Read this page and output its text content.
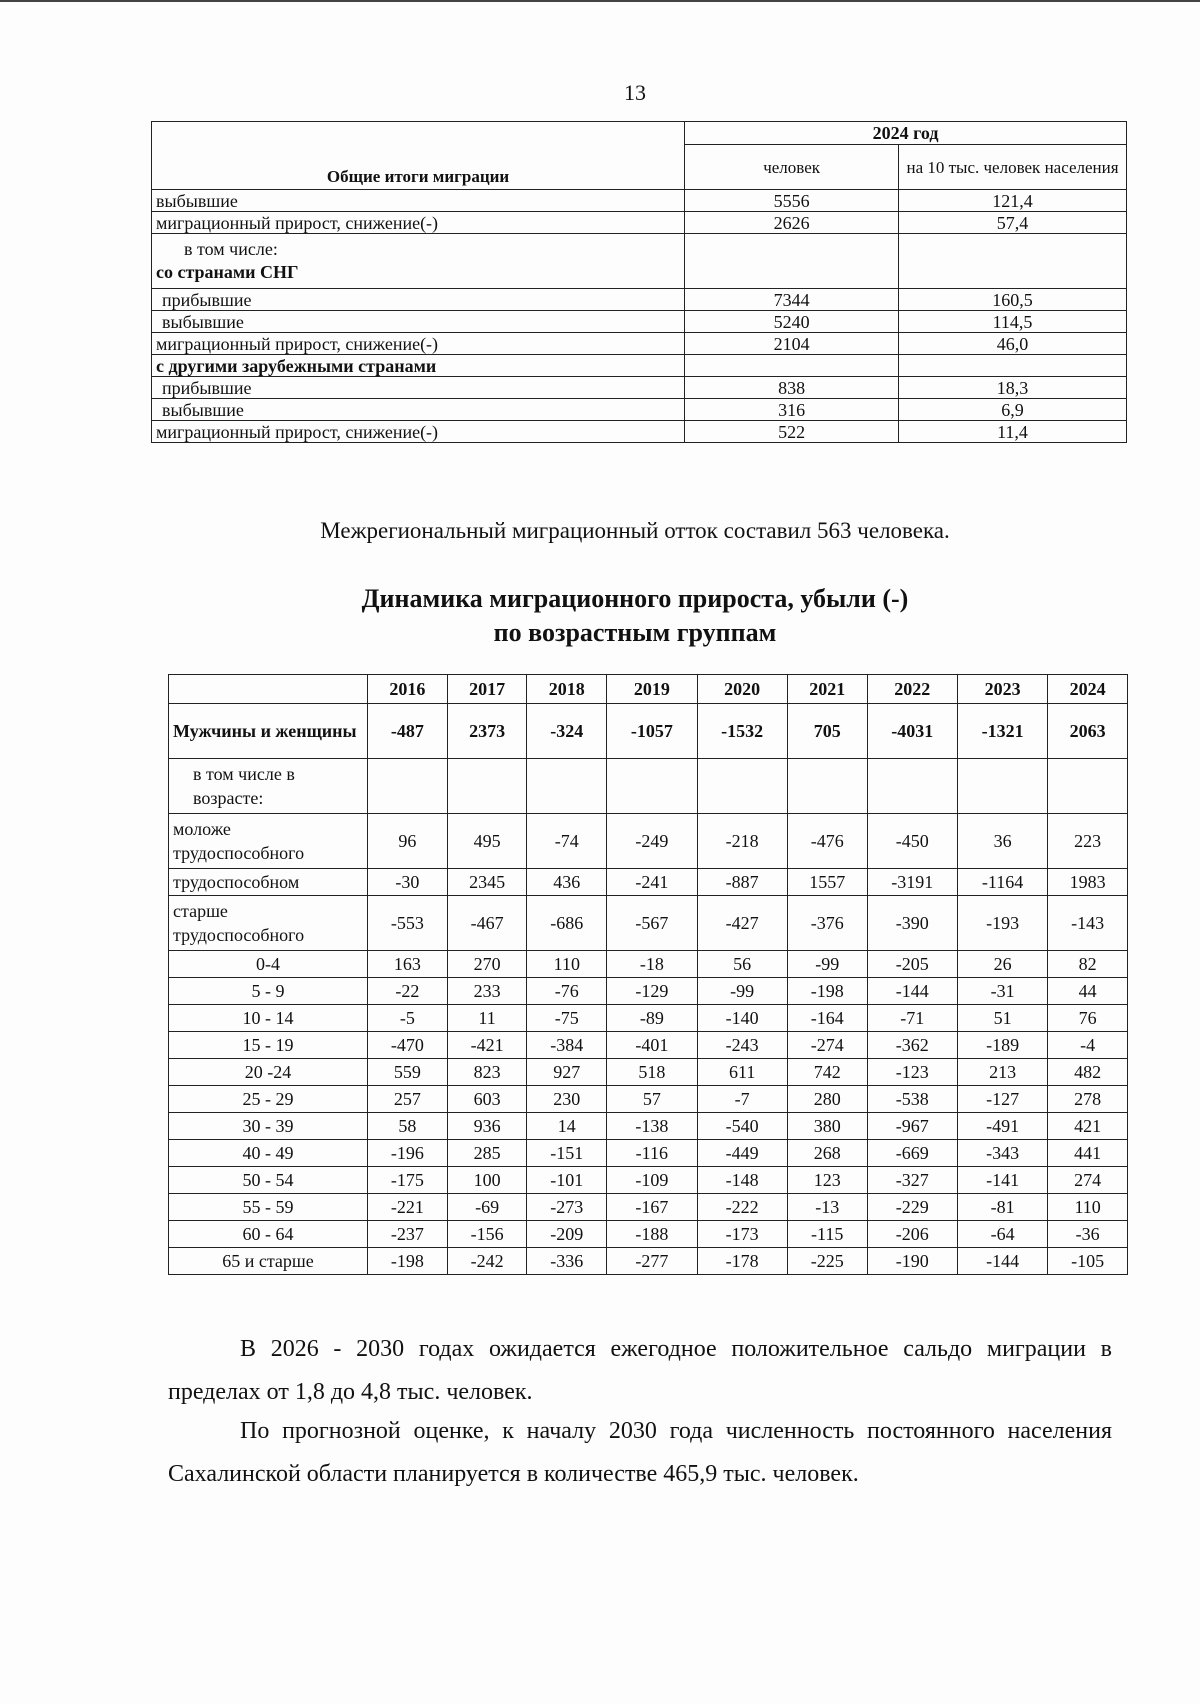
13
Общие итоги миграции	2024 год	
	человек	на 10 тыс. человек населения
выбывшие	5556	121,4
миграционный прирост, снижение(-)	2626	57,4

в том числе:
со странами СНГ		

прибывшие	7344	160,5
выбывшие	5240	114,5
миграционный прирост, снижение(-)	2104	46,0
с другими зарубежными странами		
прибывшие	838	18,3
выбывшие	316	6,9
миграционный прирост, снижение(-)	522	11,4
Межрегиональный миграционный отток составил 563 человека.
Динамика миграционного прироста, убыли (-)
по возрастным группам
	2016	2017	2018	2019	2020	2021	2022	2023	2024
Мужчины и женщины	-487	2373	-324	-1057	-1532	705	-4031	-1321	2063
в том числе в возрасте:									
моложе трудоспособного	96	495	-74	-249	-218	-476	-450	36	223
трудоспособном	-30	2345	436	-241	-887	1557	-3191	-1164	1983
старше трудоспособного	-553	-467	-686	-567	-427	-376	-390	-193	-143
0-4	163	270	110	-18	56	-99	-205	26	82
5 - 9	-22	233	-76	-129	-99	-198	-144	-31	44
10 - 14	-5	11	-75	-89	-140	-164	-71	51	76
15 - 19	-470	-421	-384	-401	-243	-274	-362	-189	-4
20 -24	559	823	927	518	611	742	-123	213	482
25 - 29	257	603	230	57	-7	280	-538	-127	278
30 - 39	58	936	14	-138	-540	380	-967	-491	421
40 - 49	-196	285	-151	-116	-449	268	-669	-343	441
50 - 54	-175	100	-101	-109	-148	123	-327	-141	274
55 - 59	-221	-69	-273	-167	-222	-13	-229	-81	110
60 - 64	-237	-156	-209	-188	-173	-115	-206	-64	-36
65 и старше	-198	-242	-336	-277	-178	-225	-190	-144	-105
В 2026 - 2030 годах ожидается ежегодное положительное сальдо миграции в пределах от 1,8 до 4,8 тыс. человек.
По прогнозной оценке, к началу 2030 года численность постоянного населения Сахалинской области планируется в количестве 465,9 тыс. человек.
